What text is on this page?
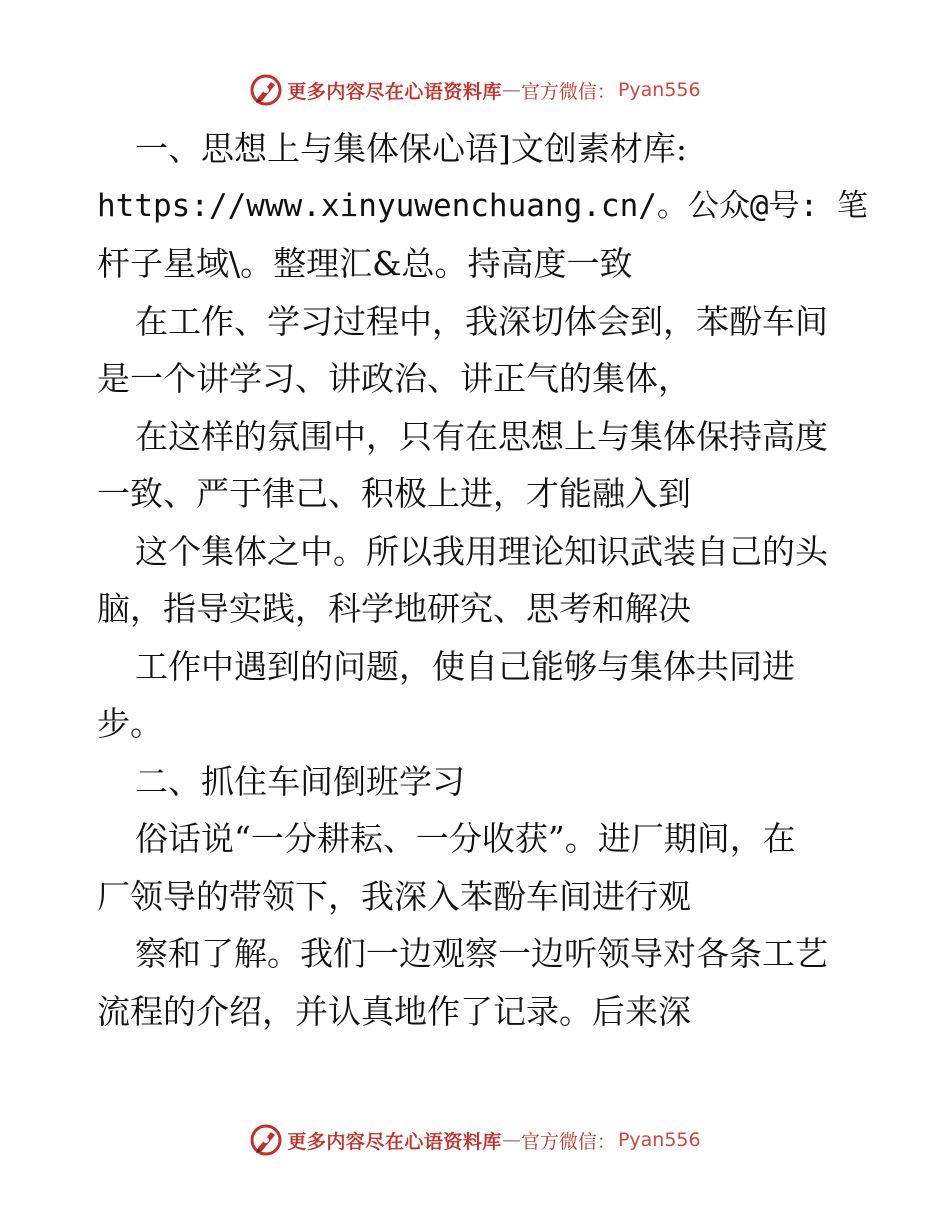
更多内容尽在心语资料库 — 官方微信： Pyan556
一、思想上与集体保心语]文创素材库:
https://www.xinyuwenchuang.cn/。公众@号: 笔
杆子星域\。整理汇&总。持高度一致
在工作、学习过程中，我深切体会到，苯酚车间
是一个讲学习、讲政治、讲正气的集体，
在这样的氛围中，只有在思想上与集体保持高度
一致、严于律己、积极上进，才能融入到
这个集体之中。所以我用理论知识武装自己的头
脑，指导实践，科学地研究、思考和解决
工作中遇到的问题，使自己能够与集体共同进
步。
二、抓住车间倒班学习
俗话说“一分耕耘、一分收获”。进厂期间，在
厂领导的带领下，我深入苯酚车间进行观
察和了解。我们一边观察一边听领导对各条工艺
流程的介绍，并认真地作了记录。后来深
更多内容尽在心语资料库 — 官方微信： Pyan556
